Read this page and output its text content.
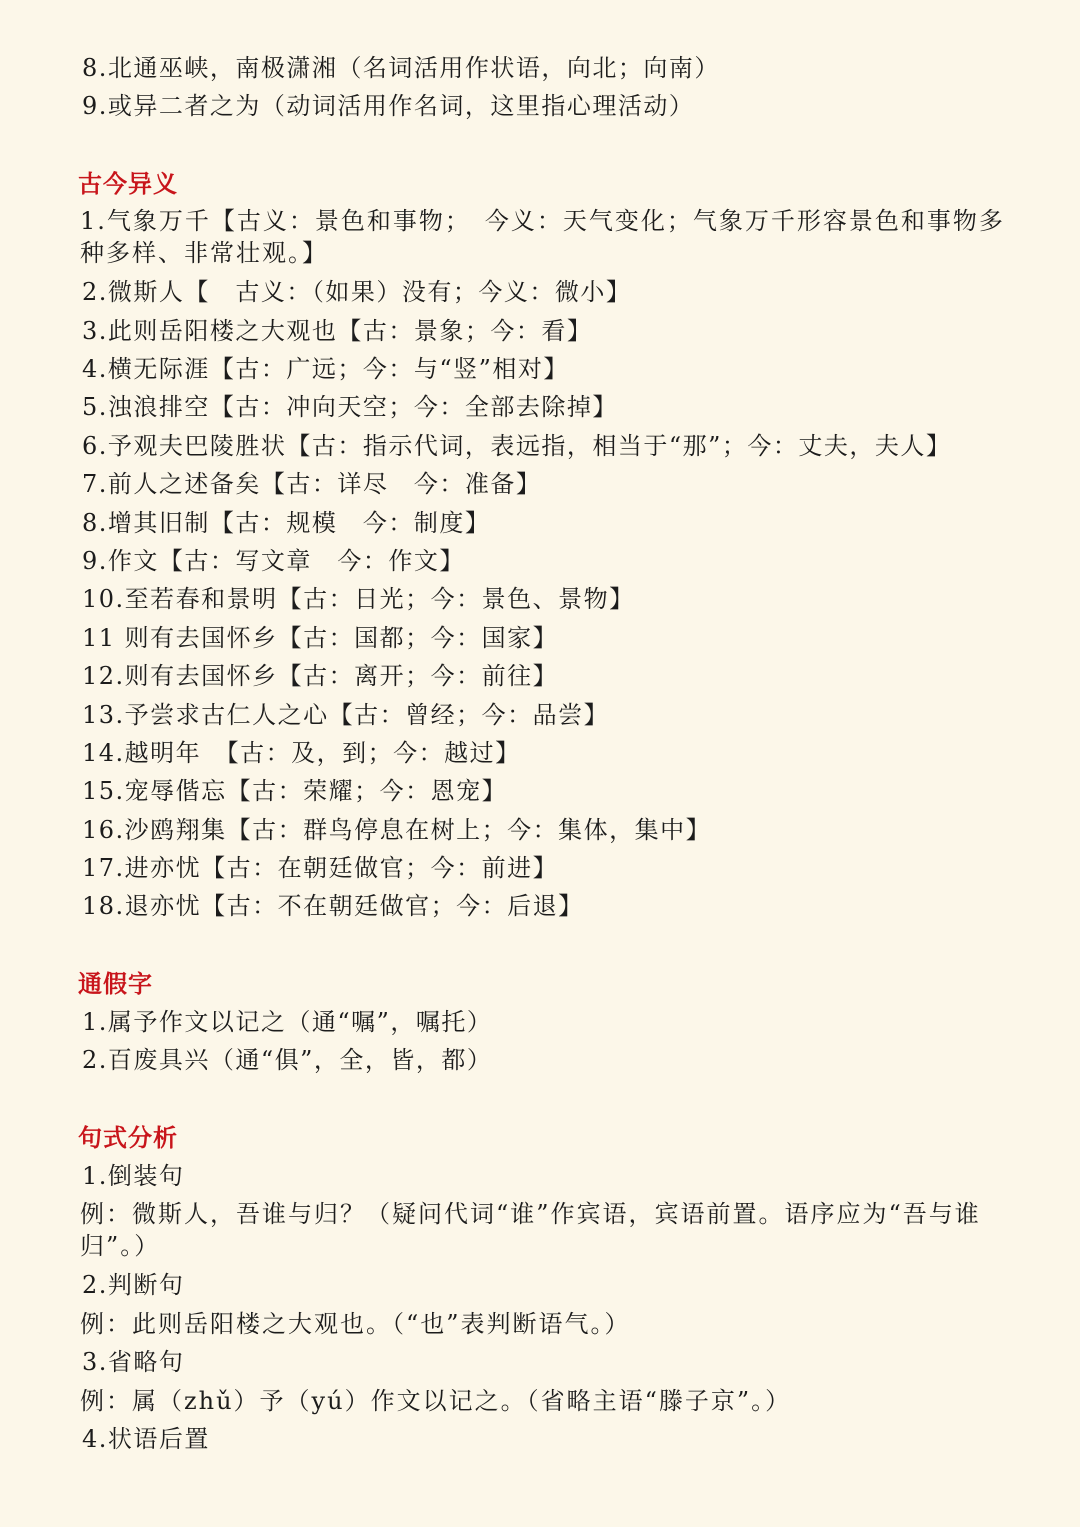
8.北通巫峡，南极潇湘（名词活用作状语，向北；向南）
9.或异二者之为（动词活用作名词，这里指心理活动）
古今异义
1.气象万千【古义：景色和事物；　今义：天气变化；气象万千形容景色和事物多种多样、非常壮观。】
2.微斯人【　古义：（如果）没有；今义：微小】
3.此则岳阳楼之大观也【古：景象；今：看】
4.横无际涯【古：广远；今：与“竖”相对】
5.浊浪排空【古：冲向天空；今：全部去除掉】
6.予观夫巴陵胜状【古：指示代词，表远指，相当于“那”；今：丈夫，夫人】
7.前人之述备矣【古：详尽　今：准备】
8.增其旧制【古：规模　今：制度】
9.作文【古：写文章　今：作文】
10.至若春和景明【古：日光；今：景色、景物】
11 则有去国怀乡【古：国都；今：国家】
12.则有去国怀乡【古：离开；今：前往】
13.予尝求古仁人之心【古：曾经；今：品尝】
14.越明年　【古：及，到；今：越过】
15.宠辱偕忘【古：荣耀；今：恩宠】
16.沙鸥翔集【古：群鸟停息在树上；今：集体，集中】
17.进亦忧【古：在朝廷做官；今：前进】
18.退亦忧【古：不在朝廷做官；今：后退】
通假字
1.属予作文以记之（通“嘱”，嘱托）
2.百废具兴（通“俱”，全，皆，都）
句式分析
1.倒装句
例：微斯人，吾谁与归？（疑问代词“谁”作宾语，宾语前置。语序应为“吾与谁归”。）
2.判断句
例：此则岳阳楼之大观也。（“也”表判断语气。）
3.省略句
例：属（zhǔ）予（yú）作文以记之。（省略主语“滕子京”。）
4.状语后置
